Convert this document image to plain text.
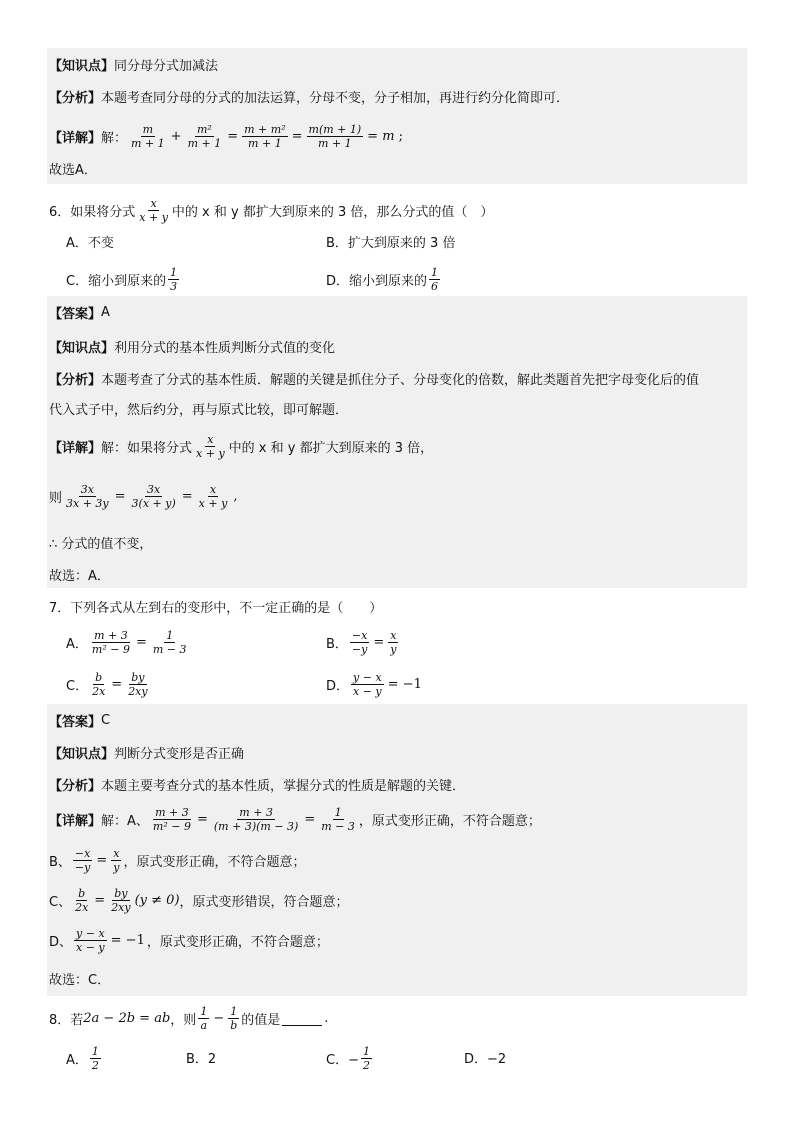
【知识点】 同分母分式加减法
【分析】 本题考查同分母的分式的加法运算，分母不变，分子相加，再进行约分化简即可．
【详解】 解： $\frac{m}{m + 1} + \frac{\text{m²}}{m + 1} = \frac{\text{m + m²}}{m + 1} = \frac{m(m + 1)}{m + 1} = m$ ;
故选A．
6．如果将分式 $\frac{x}{x + y}$ 中的 x 和 y 都扩大到原来的 3 倍，那么分式的值（　）
A．不变	B．扩大到原来的 3 倍
C．缩小到原来的 $\frac{1}{3}$	D．缩小到原来的 $\frac{1}{6}$
【答案】 A
【知识点】 利用分式的基本性质判断分式值的变化
【分析】 本题考查了分式的基本性质．解题的关键是抓住分子、分母变化的倍数，解此类题首先把字母变化后的值
代入式子中，然后约分，再与原式比较，即可解题．
【详解】 解：如果将分式 $\frac{x}{x + y}$ 中的 x 和 y 都扩大到原来的 3 倍，
则 $\frac{3x}{3x + 3y} = \frac{3x}{3(x + y)} = \frac{x}{x + y}$ ,
∴ 分式的值不变，
故选：A．
7．下列各式从左到右的变形中，不一定正确的是（　　）
A． $\frac{m + 3}{\text{m² − 9}} = \frac{1}{m - 3}$	B． $\frac{-x}{-y} = \frac{x}{y}$
C． $\frac{b}{2x} = \frac{by}{2xy}$	D． $\frac{y - x}{x - y} = -1$
【答案】 C
【知识点】 判断分式变形是否正确
【分析】 本题主要考查分式的基本性质，掌握分式的性质是解题的关键．
【详解】 解：A、 $\frac{m + 3}{\text{m² − 9}} = \frac{m + 3}{(m + 3)(m - 3)} = \frac{1}{m - 3}$ ，原式变形正确，不符合题意；
B、 $\frac{-x}{-y} = \frac{x}{y}$ ，原式变形正确，不符合题意；
C、 $\frac{b}{2x} = \frac{by}{2xy} (y \ne 0)$ ，原式变形错误，符合题意；
D、 $\frac{y - x}{x - y} = -1$ ，原式变形正确，不符合题意；
故选：C．
8．若 2a − 2b = ab ，则 $\frac{1}{a} - \frac{1}{b}$ 的值是	.
A． $\frac{1}{2}$	B．2	C．− $\frac{1}{2}$	D．−2
